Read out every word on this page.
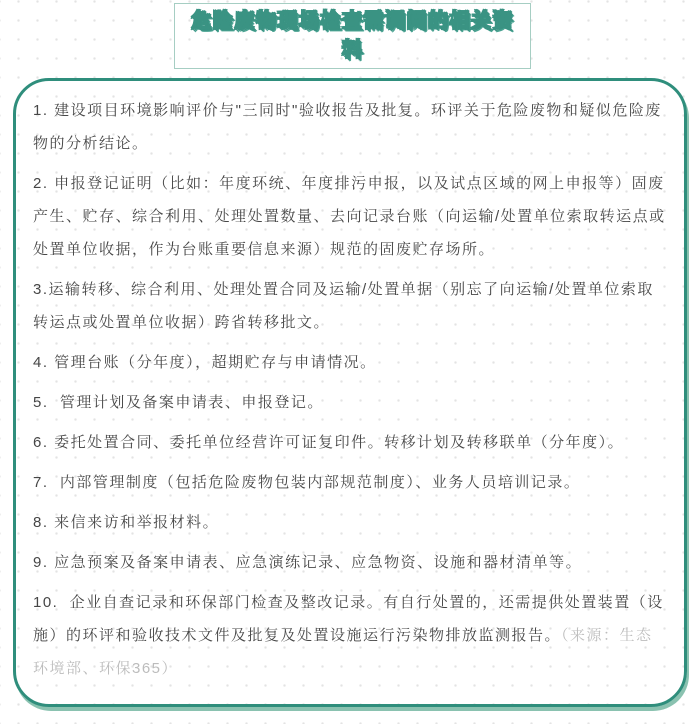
危险废物现场检查需调阅的相关资
料

1. 建设项目环境影响评价与"三同时"验收报告及批复。环评关于危险废物和疑似危险废物的分析结论。

2. 申报登记证明（比如：年度环统、年度排污申报，以及试点区域的网上申报等）固废产生、贮存、综合利用、处理处置数量、去向记录台账（向运输/处置单位索取转运点或处置单位收据，作为台账重要信息来源）规范的固废贮存场所。

3.运输转移、综合利用、处理处置合同及运输/处置单据（别忘了向运输/处置单位索取转运点或处置单位收据）跨省转移批文。

4. 管理台账（分年度），超期贮存与申请情况。

5.  管理计划及备案申请表、申报登记。

6. 委托处置合同、委托单位经营许可证复印件。转移计划及转移联单（分年度）。

7.  内部管理制度（包括危险废物包装内部规范制度）、业务人员培训记录。

8. 来信来访和举报材料。

9. 应急预案及备案申请表、应急演练记录、应急物资、设施和器材清单等。

10.  企业自查记录和环保部门检查及整改记录。有自行处置的，还需提供处置装置（设施）的环评和验收技术文件及批复及处置设施运行污染物排放监测报告。（来源：生态环境部、环保365）
